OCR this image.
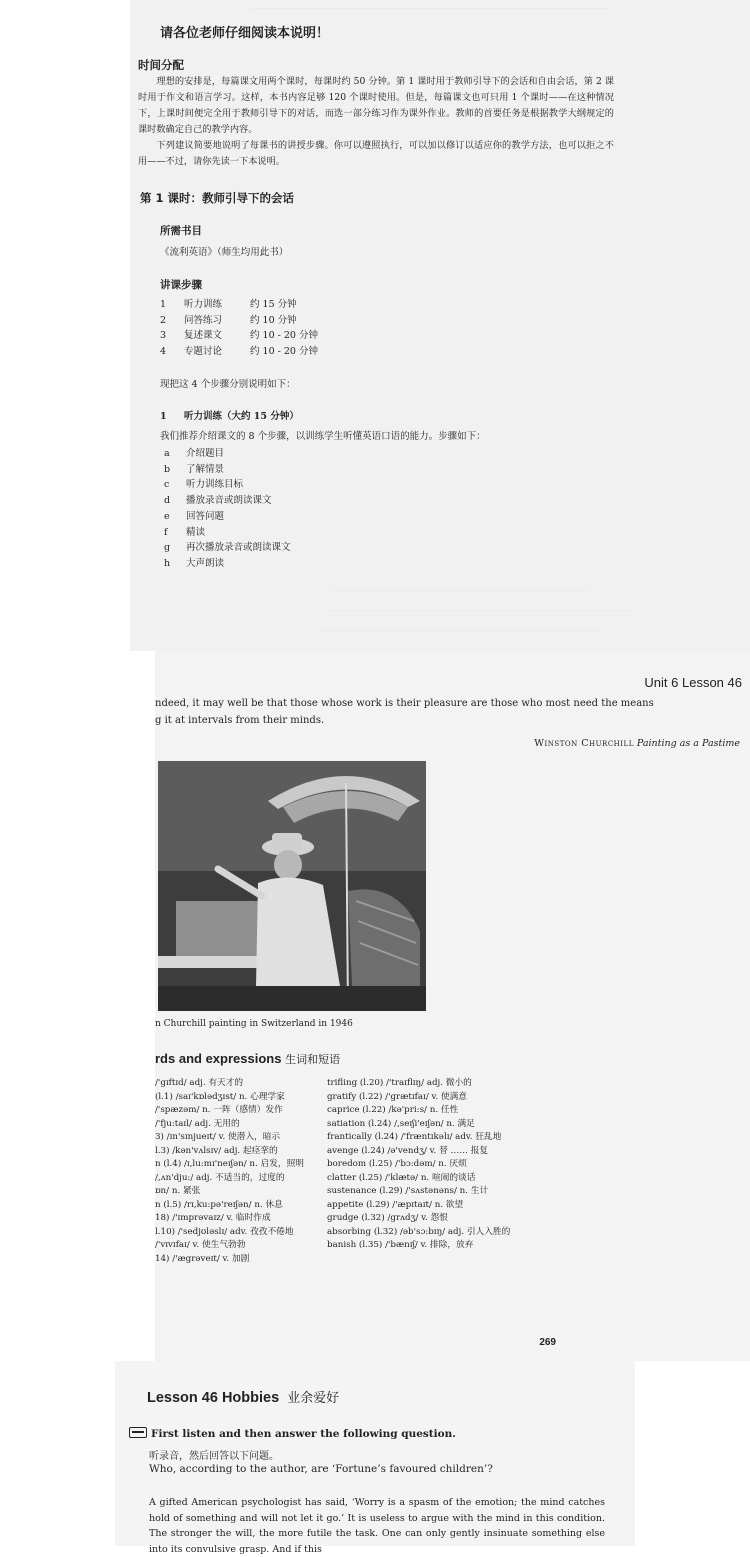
请各位老师仔细阅读本说明！
时间分配
理想的安排是，每篇课文用两个课时，每课时约 50 分钟。第 1 课时用于教师引导下的会话和自由会话，第 2 课时用于作文和语言学习。这样，本书内容足够 120 个课时使用。但是，每篇课文也可只用 1 个课时——在这种情况下，上课时间便完全用于教师引导下的对话，而选一部分练习作为课外作业。教师的首要任务是根据教学大纲规定的课时数确定自己的教学内容。
下列建议简要地说明了每课书的讲授步骤。你可以遵照执行，可以加以修订以适应你的教学方法，也可以拒之不用——不过，请你先读一下本说明。
第 1 课时：教师引导下的会话
所需书目
《流利英语》（师生均用此书）
讲课步骤
1 听力训练	约 15 分钟
2 问答练习	约 10 分钟
3 复述课文	约 10 - 20 分钟
4 专题讨论	约 10 - 20 分钟
现把这 4 个步骤分别说明如下：
1 听力训练（大约 15 分钟）
我们推荐介绍课文的 8 个步骤，以训练学生听懂英语口语的能力。步骤如下：
a 介绍题目
b 了解情景
c 听力训练目标
d 播放录音或朗读课文
e 回答问题
f 精读
g 再次播放录音或朗读课文
h 大声朗读
Unit 6 Lesson 46
ndeed, it may well be that those whose work is their pleasure are those who most need the means
g it at intervals from their minds.
Winston Churchill Painting as a Pastime
n Churchill painting in Switzerland in 1946
rds and expressions 生词和短语
/'gɪftɪd/ adj. 有天才的
(l.1) /saɪ'kɒlədʒɪst/ n. 心理学家
/'spæzəm/ n. 一阵（感情）发作
/'fju:taɪl/ adj. 无用的
3) /ɪn'sɪnjueɪt/ v. 使潜入，暗示
l.3) /kən'vʌlsɪv/ adj. 起痉挛的
n (l.4) /ɪ,lu:mɪ'neɪʃən/ n. 启发，照明
/,ʌn'dju:/ adj. 不适当的，过度的
ɒn/ n. 紧张
n (l.5) /rɪ,ku:pə'reɪʃən/ n. 休息
18) /'ɪmprəvaɪz/ v. 临时作成
l.10) /'sedjʊləslɪ/ adv. 孜孜不倦地
/'vɪvɪfaɪ/ v. 使生气勃勃
14) /'ægrəveɪt/ v. 加剧
trifling (l.20) /'traɪflɪŋ/ adj. 微小的
gratify (l.22) /'grætɪfaɪ/ v. 使满意
caprice (l.22) /kə'pri:s/ n. 任性
satiation (l.24) /,seɪʃi'eɪʃən/ n. 满足
frantically (l.24) /'fræntɪkəlɪ/ adv. 狂乱地
avenge (l.24) /ə'vendʒ/ v. 替 …… 报复
boredom (l.25) /'bɔ:dəm/ n. 厌烦
clatter (l.25) /'klætə/ n. 喧闹的谈话
sustenance (l.29) /'sʌstənəns/ n. 生计
appetite (l.29) /'æpɪtaɪt/ n. 欲望
grudge (l.32) /grʌdʒ/ v. 怨恨
absorbing (l.32) /əb'sɔ:bɪŋ/ adj. 引人入胜的
banish (l.35) /'bænɪʃ/ v. 排除，放弃
269
Lesson 46 Hobbies 业余爱好
First listen and then answer the following question.
听录音，然后回答以下问题。
Who, according to the author, are ‘Fortune’s favoured children’?
A gifted American psychologist has said, ‘Worry is a spasm of the emotion; the mind catches hold of something and will not let it go.’ It is useless to argue with the mind in this condition. The stronger the will, the more futile the task. One can only gently insinuate something else into its convulsive grasp. And if this
